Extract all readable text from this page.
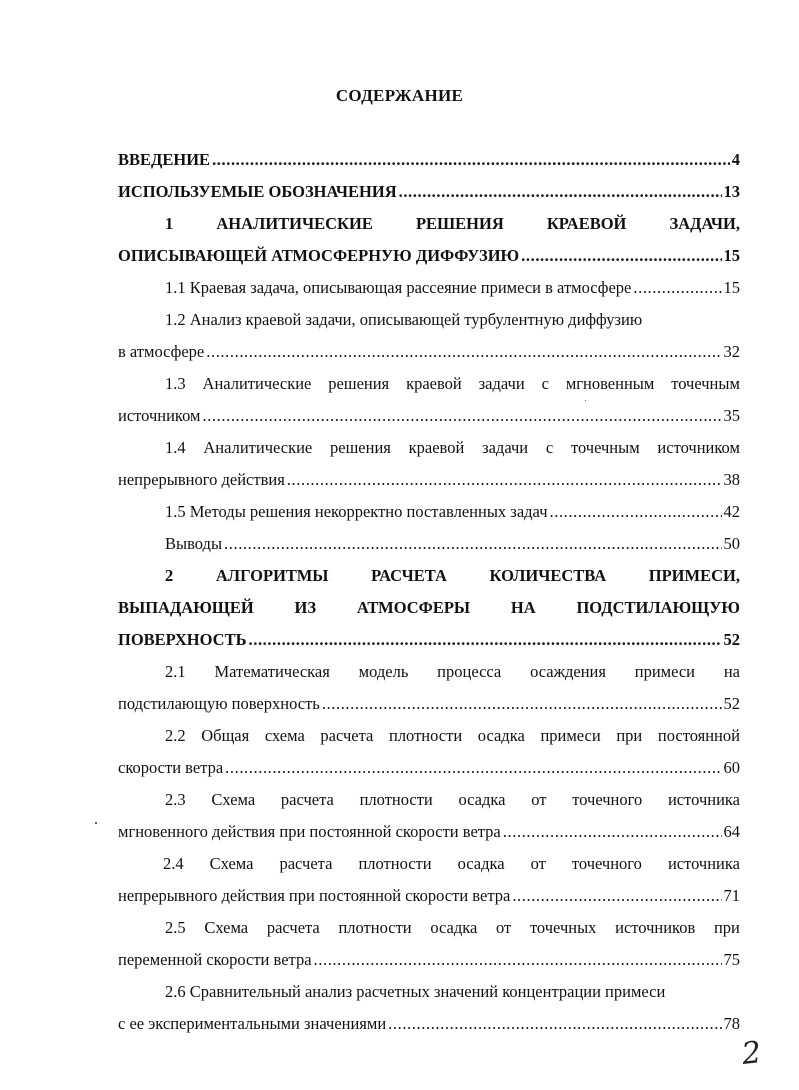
СОДЕРЖАНИЕ
ВВЕДЕНИЕ .....	4
ИСПОЛЬЗУЕМЫЕ ОБОЗНАЧЕНИЯ .....	13
1	АНАЛИТИЧЕСКИЕ	РЕШЕНИЯ	КРАЕВОЙ	ЗАДАЧИ,
ОПИСЫВАЮЩЕЙ АТМОСФЕРНУЮ ДИФФУЗИЮ .....	15
1.1 Краевая задача, описывающая рассеяние примеси в атмосфере .....	15
1.2 Анализ краевой задачи, описывающей турбулентную диффузию
в атмосфере .....	32
1.3 Аналитические решения краевой задачи с мгновенным точечным
источником .....	35
1.4 Аналитические решения краевой задачи с точечным источником
непрерывного действия .....	38
1.5 Методы решения некорректно поставленных задач .....	42
Выводы .....	50
2	АЛГОРИТМЫ	РАСЧЕТА	КОЛИЧЕСТВА	ПРИМЕСИ,
ВЫПАДАЮЩЕЙ ИЗ АТМОСФЕРЫ НА ПОДСТИЛАЮЩУЮ
ПОВЕРХНОСТЬ .....	52
2.1 Математическая модель процесса осаждения примеси на
подстилающую поверхность .....	52
2.2 Общая схема расчета плотности осадка примеси при постоянной
скорости ветра .....	60
2.3 Схема расчета плотности осадка от точечного источника
мгновенного действия при постоянной скорости ветра .....	64
2.4 Схема расчета плотности осадка от точечного источника
непрерывного действия при постоянной скорости ветра .....	71
2.5 Схема расчета плотности осадка от точечных источников при
переменной скорости ветра .....	75
2.6 Сравнительный анализ расчетных значений концентрации примеси
с ее экспериментальными значениями .....	78
2
